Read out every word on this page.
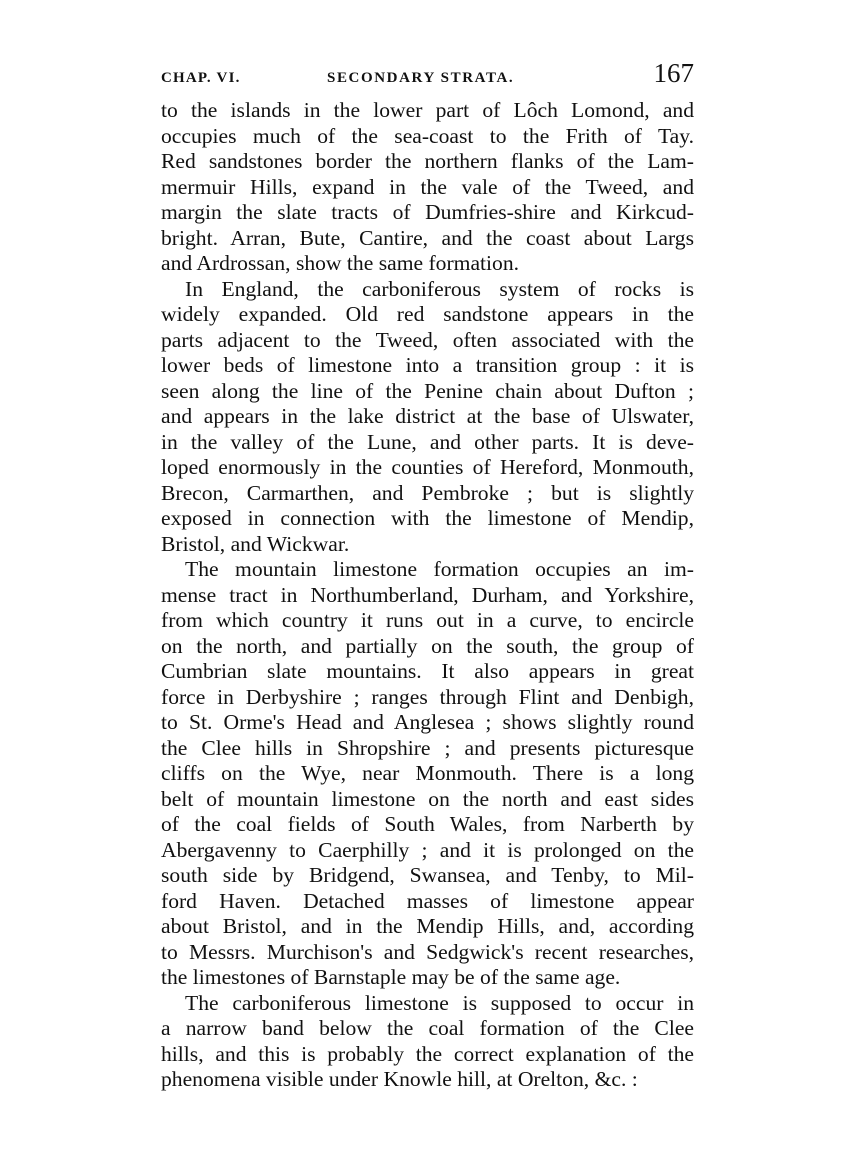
CHAP. VI.	SECONDARY STRATA.	167
to the islands in the lower part of Lôch Lomond, and
occupies much of the sea-coast to the Frith of Tay.
Red sandstones border the northern flanks of the Lam-
mermuir Hills, expand in the vale of the Tweed, and
margin the slate tracts of Dumfries-shire and Kirkcud-
bright. Arran, Bute, Cantire, and the coast about Largs
and Ardrossan, show the same formation.
In England, the carboniferous system of rocks is
widely expanded. Old red sandstone appears in the
parts adjacent to the Tweed, often associated with the
lower beds of limestone into a transition group : it is
seen along the line of the Penine chain about Dufton ;
and appears in the lake district at the base of Ulswater,
in the valley of the Lune, and other parts. It is deve-
loped enormously in the counties of Hereford, Monmouth,
Brecon, Carmarthen, and Pembroke ; but is slightly
exposed in connection with the limestone of Mendip,
Bristol, and Wickwar.
The mountain limestone formation occupies an im-
mense tract in Northumberland, Durham, and Yorkshire,
from which country it runs out in a curve, to encircle
on the north, and partially on the south, the group of
Cumbrian slate mountains. It also appears in great
force in Derbyshire ; ranges through Flint and Denbigh,
to St. Orme's Head and Anglesea ; shows slightly round
the Clee hills in Shropshire ; and presents picturesque
cliffs on the Wye, near Monmouth. There is a long
belt of mountain limestone on the north and east sides
of the coal fields of South Wales, from Narberth by
Abergavenny to Caerphilly ; and it is prolonged on the
south side by Bridgend, Swansea, and Tenby, to Mil-
ford Haven. Detached masses of limestone appear
about Bristol, and in the Mendip Hills, and, according
to Messrs. Murchison's and Sedgwick's recent researches,
the limestones of Barnstaple may be of the same age.
The carboniferous limestone is supposed to occur in
a narrow band below the coal formation of the Clee
hills, and this is probably the correct explanation of the
phenomena visible under Knowle hill, at Orelton, &c. :
